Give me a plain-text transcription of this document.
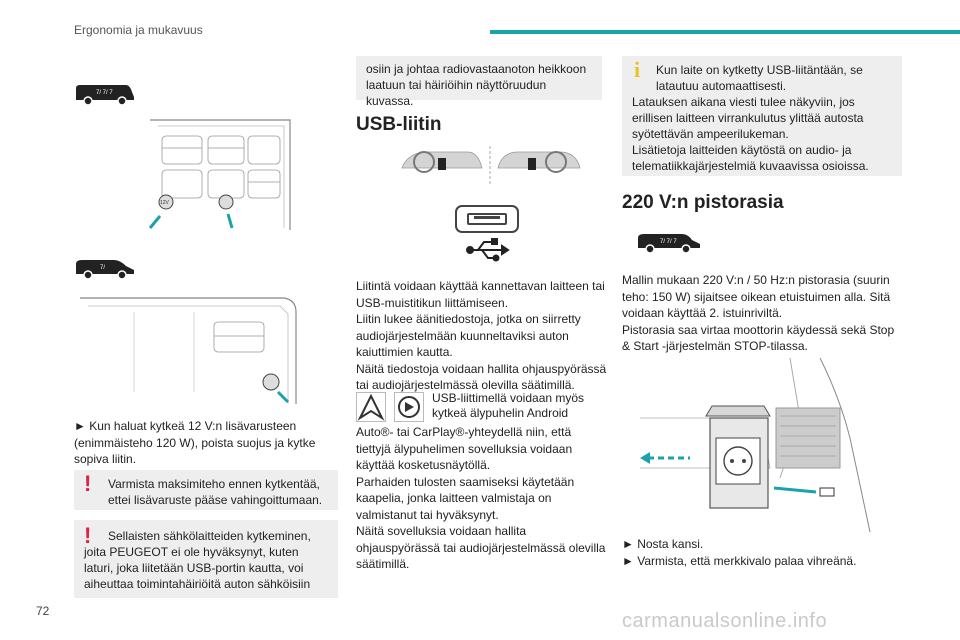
Ergonomia ja mukavuus
7/ 7/ 7
12V
7/
► Kun haluat kytkeä 12 V:n lisävarusteen (enimmäisteho 120 W), poista suojus ja kytke sopiva liitin.
! Varmista maksimiteho ennen kytkentää, ettei lisävaruste pääse vahingoittumaan.
!	Sellaisten sähkölaitteiden kytkeminen, joita PEUGEOT ei ole hyväksynyt, kuten laturi, joka liitetään USB-portin kautta, voi aiheuttaa toimintahäiriöitä auton sähköisiin
osiin ja johtaa radiovastaanoton heikkoon laatuun tai häiriöihin näyttöruudun kuvassa.
USB-liitin

Liitintä voidaan käyttää kannettavan laitteen tai USB-muistitikun liittämiseen.

Liitin lukee äänitiedostoja, jotka on siirretty audiojärjestelmään kuunneltaviksi auton kaiuttimien kautta.

Näitä tiedostoja voidaan hallita ohjauspyörässä tai audiojärjestelmässä olevilla säätimillä.

USB-liittimellä voidaan myös kytkeä älypuhelin Android

Auto®- tai CarPlay®-yhteydellä niin, että tiettyjä älypuhelimen sovelluksia voidaan käyttää kosketusnäytöllä.

Parhaiden tulosten saamiseksi käytetään kaapelia, jonka laitteen valmistaja on valmistanut tai hyväksynyt.

Näitä sovelluksia voidaan hallita ohjauspyörässä tai audiojärjestelmässä olevilla säätimillä.

i	Kun laite on kytketty USB-liitäntään, se latautuu automaattisesti.

Latauksen aikana viesti tulee näkyviin, jos erillisen laitteen virrankulutus ylittää autosta syötettävän ampeerilukeman.

Lisätietoja laitteiden käytöstä on audio- ja telematiikkajärjestelmiä kuvaavissa osioissa.

220 V:n pistorasia
7/ 7/ 7

Mallin mukaan 220 V:n / 50 Hz:n pistorasia (suurin teho: 150 W) sijaitsee oikean etuistuimen alla. Sitä voidaan käyttää 2. istuinriviltä.

Pistorasia saa virtaa moottorin käydessä sekä Stop & Start -järjestelmän STOP-tilassa.

► Nosta kansi.

► Varmista, että merkkivalo palaa vihreänä.

72	carmanualsonline.info
